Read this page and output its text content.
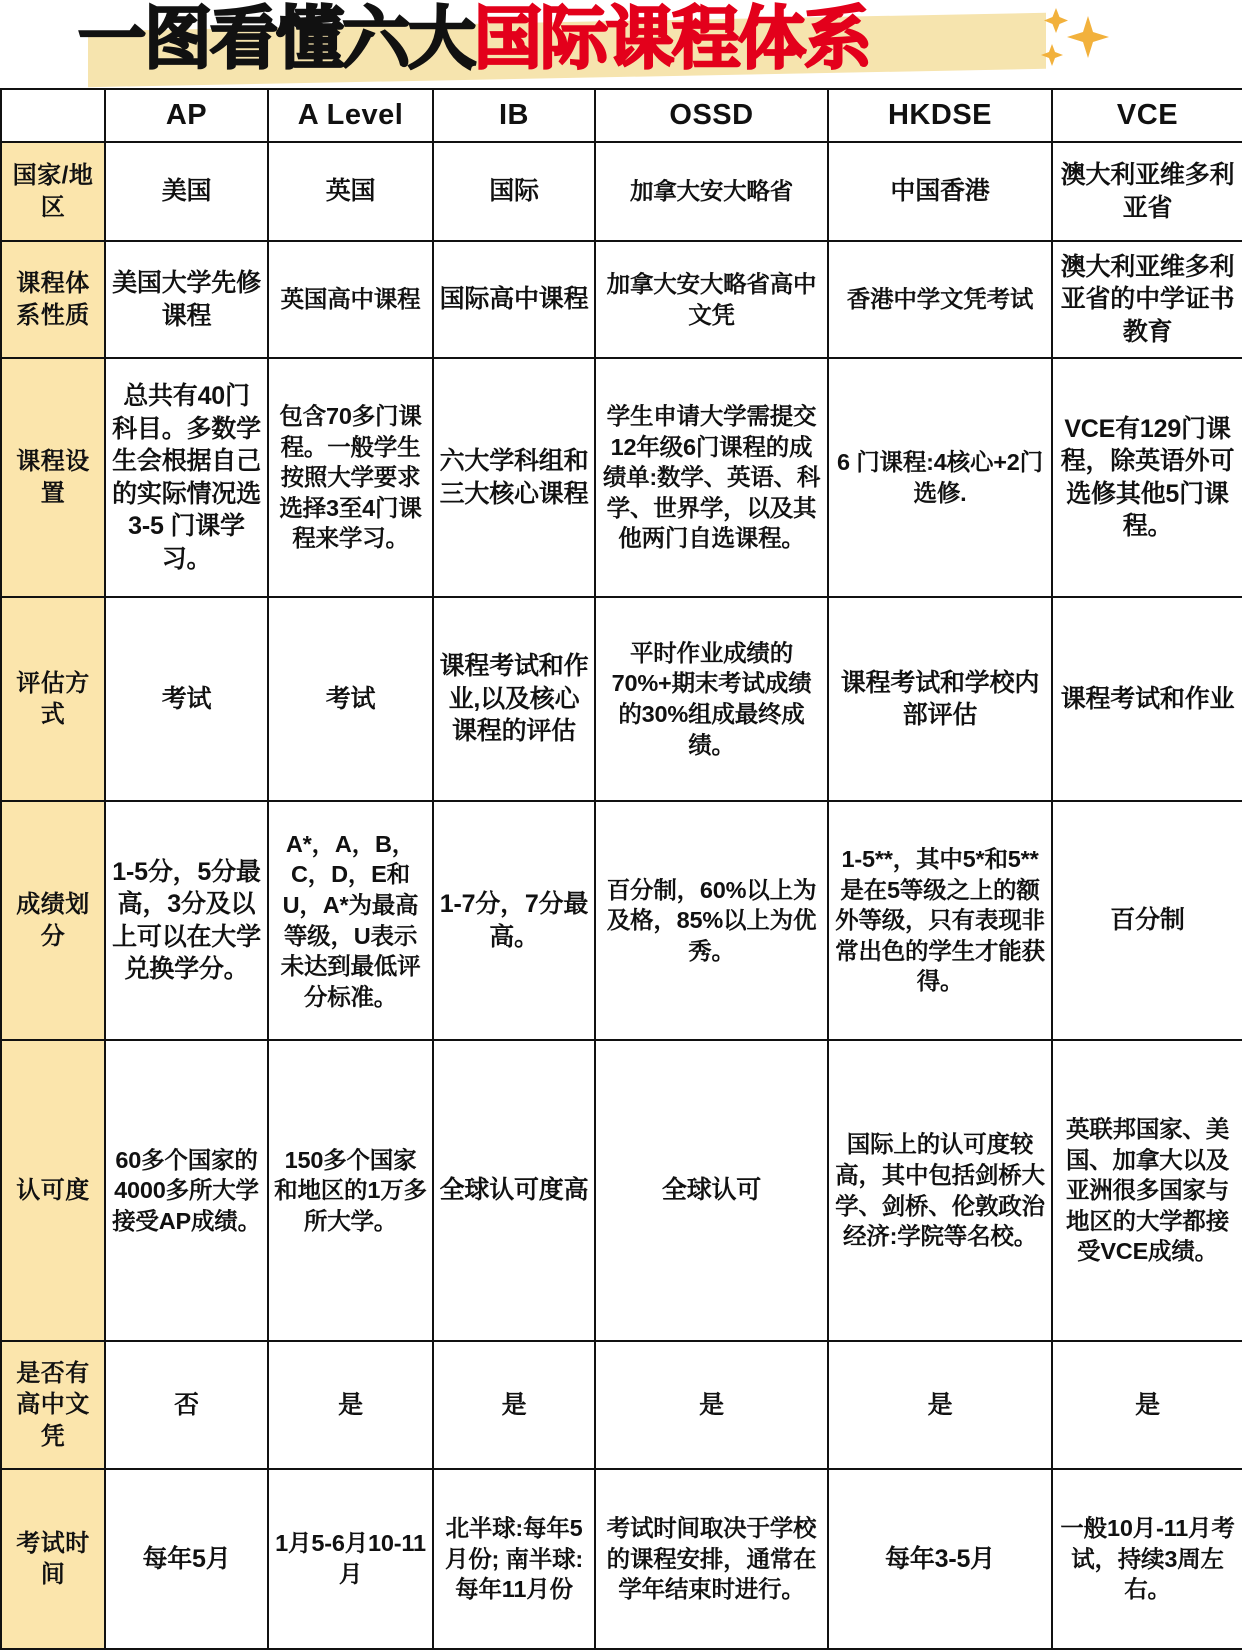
一图看懂六大国际课程体系
	AP	A Level	IB	OSSD	HKDSE	VCE
国家/地区	美国	英国	国际	加拿大安大略省	中国香港	澳大利亚维多利亚省
课程体系性质	美国大学先修课程	英国高中课程	国际高中课程	加拿大安大略省高中文凭	香港中学文凭考试	澳大利亚维多利亚省的中学证书教育
课程设置	总共有40门科目。多数学生会根据自己的实际情况选 3-5 门课学习。	包含70多门课程。一般学生按照大学要求选择3至4门课程来学习。	六大学科组和三大核心课程	学生申请大学需提交12年级6门课程的成绩单:数学、英语、科学、世界学，以及其他两门自选课程。	6 门课程:4核心+2门选修.	VCE有129门课程，除英语外可选修其他5门课程。
评估方式	考试	考试	课程考试和作业,以及核心课程的评估	平时作业成绩的70%+期末考试成绩的30%组成最终成绩。	课程考试和学校内部评估	课程考试和作业
成绩划分	1-5分，5分最高，3分及以上可以在大学兑换学分。	A*，A，B，C，D，E和U，A*为最高等级，U表示未达到最低评分标准。	1-7分，7分最高。	百分制，60%以上为及格，85%以上为优秀。	1-5**，其中5*和5**是在5等级之上的额外等级，只有表现非常出色的学生才能获得。	百分制
认可度	60多个国家的4000多所大学接受AP成绩。	150多个国家和地区的1万多所大学。	全球认可度高	全球认可	国际上的认可度较高，其中包括剑桥大学、剑桥、伦敦政治经济:学院等名校。	英联邦国家、美国、加拿大以及亚洲很多国家与地区的大学都接受VCE成绩。
是否有高中文凭	否	是	是	是	是	是
考试时间	每年5月	1月5-6月10-11月	北半球:每年5月份; 南半球:每年11月份	考试时间取决于学校的课程安排，通常在学年结束时进行。	每年3-5月	一般10月-11月考试，持续3周左右。
